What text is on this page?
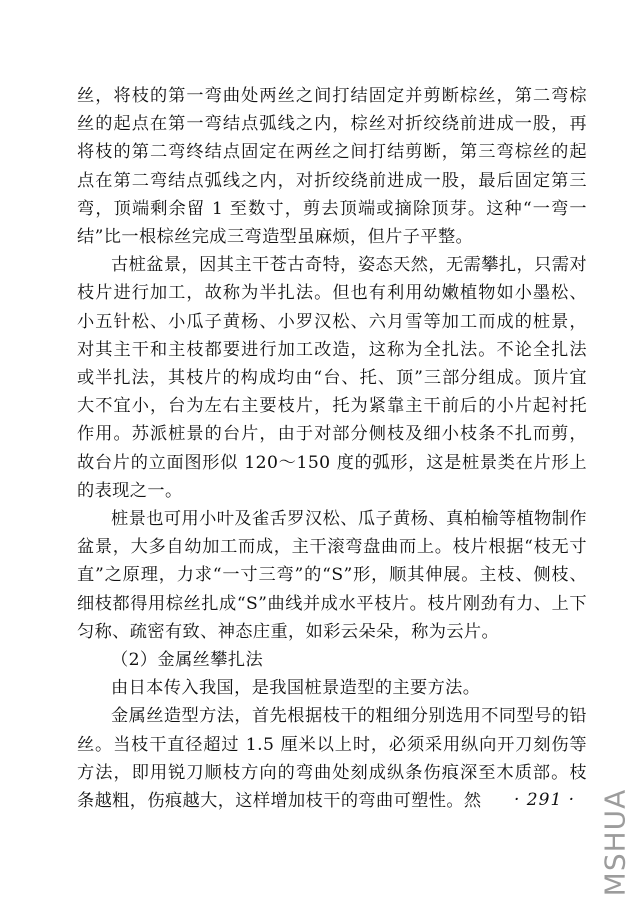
丝，将枝的第一弯曲处两丝之间打结固定并剪断棕丝，第二弯棕丝的起点在第一弯结点弧线之内，棕丝对折绞绕前进成一股，再将枝的第二弯终结点固定在两丝之间打结剪断，第三弯棕丝的起点在第二弯结点弧线之内，对折绞绕前进成一股，最后固定第三弯，顶端剩余留 1 至数寸，剪去顶端或摘除顶芽。这种“一弯一结”比一根棕丝完成三弯造型虽麻烦，但片子平整。

古桩盆景，因其主干苍古奇特，姿态天然，无需攀扎，只需对枝片进行加工，故称为半扎法。但也有利用幼嫩植物如小墨松、小五针松、小瓜子黄杨、小罗汉松、六月雪等加工而成的桩景，对其主干和主枝都要进行加工改造，这称为全扎法。不论全扎法或半扎法，其枝片的构成均由“台、托、顶”三部分组成。顶片宜大不宜小，台为左右主要枝片，托为紧靠主干前后的小片起衬托作用。苏派桩景的台片，由于对部分侧枝及细小枝条不扎而剪，故台片的立面图形似 120～150 度的弧形，这是桩景类在片形上的表现之一。

桩景也可用小叶及雀舌罗汉松、瓜子黄杨、真柏榆等植物制作盆景，大多自幼加工而成，主干滚弯盘曲而上。枝片根据“枝无寸直”之原理，力求“一寸三弯”的“S”形，顺其伸展。主枝、侧枝、细枝都得用棕丝扎成“S”曲线并成水平枝片。枝片刚劲有力、上下匀称、疏密有致、神态庄重，如彩云朵朵，称为云片。

（2）金属丝攀扎法

由日本传入我国，是我国桩景造型的主要方法。

金属丝造型方法，首先根据枝干的粗细分别选用不同型号的铅丝。当枝干直径超过 1.5 厘米以上时，必须采用纵向开刀刻伤等方法，即用锐刀顺枝方向的弯曲处刻成纵条伤痕深至木质部。枝条越粗，伤痕越大，这样增加枝干的弯曲可塑性。然	· 291 · MSHUA
